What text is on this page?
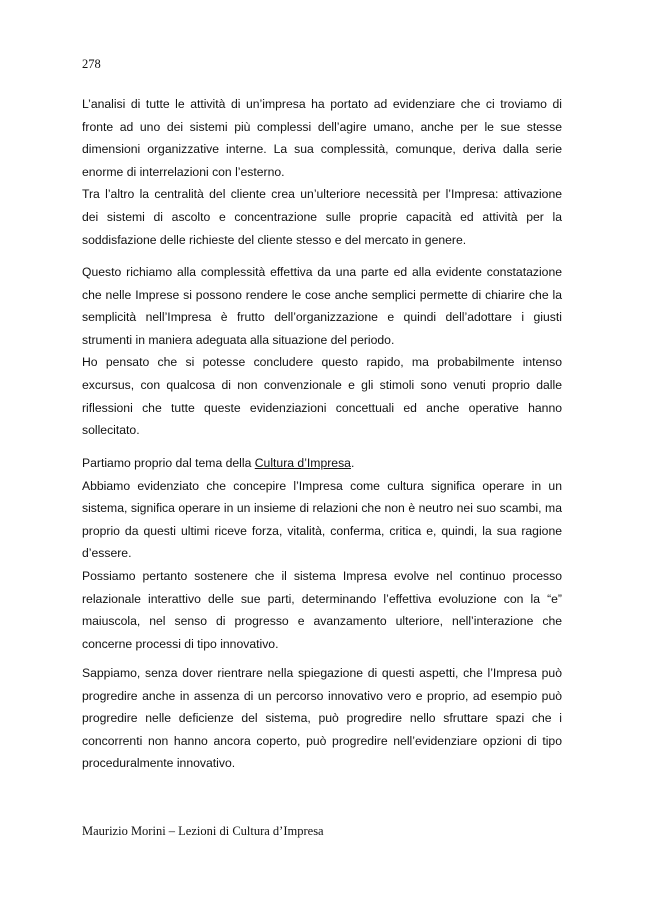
278
L’analisi di tutte le attività di un’impresa ha portato ad evidenziare che ci troviamo di
fronte ad uno dei sistemi più complessi dell’agire umano, anche per le sue stesse
dimensioni organizzative interne. La sua complessità, comunque, deriva dalla serie
enorme di interrelazioni con l’esterno.
Tra l’altro la centralità del cliente crea un’ulteriore necessità per l’Impresa: attivazione
dei sistemi di ascolto e concentrazione sulle proprie capacità ed attività per la
soddisfazione delle richieste del cliente stesso e del mercato in genere.
Questo richiamo alla complessità effettiva da una parte ed alla evidente constatazione
che nelle Imprese si possono rendere le cose anche semplici permette di chiarire che la
semplicità nell’Impresa è frutto dell’organizzazione e quindi dell’adottare i giusti
strumenti in maniera adeguata alla situazione del periodo.
Ho pensato che si potesse concludere questo rapido, ma probabilmente intenso
excursus, con qualcosa di non convenzionale e gli stimoli sono venuti proprio dalle
riflessioni che tutte queste evidenziazioni concettuali ed anche operative hanno
sollecitato.
Partiamo proprio dal tema della Cultura d’Impresa.
Abbiamo evidenziato che concepire l’Impresa come cultura significa operare in un
sistema, significa operare in un insieme di relazioni che non è neutro nei suo scambi, ma
proprio da questi ultimi riceve forza, vitalità, conferma, critica e, quindi, la sua ragione
d’essere.
Possiamo pertanto sostenere che il sistema Impresa evolve nel continuo processo
relazionale interattivo delle sue parti, determinando l’effettiva evoluzione con la “e”
maiuscola, nel senso di progresso e avanzamento ulteriore, nell’interazione che
concerne processi di tipo innovativo.
Sappiamo, senza dover rientrare nella spiegazione di questi aspetti, che l’Impresa può
progredire anche in assenza di un percorso innovativo vero e proprio, ad esempio può
progredire nelle deficienze del sistema, può progredire nello sfruttare spazi che i
concorrenti non hanno ancora coperto, può progredire nell’evidenziare opzioni di tipo
proceduralmente innovativo.
Maurizio Morini – Lezioni di Cultura d’Impresa
